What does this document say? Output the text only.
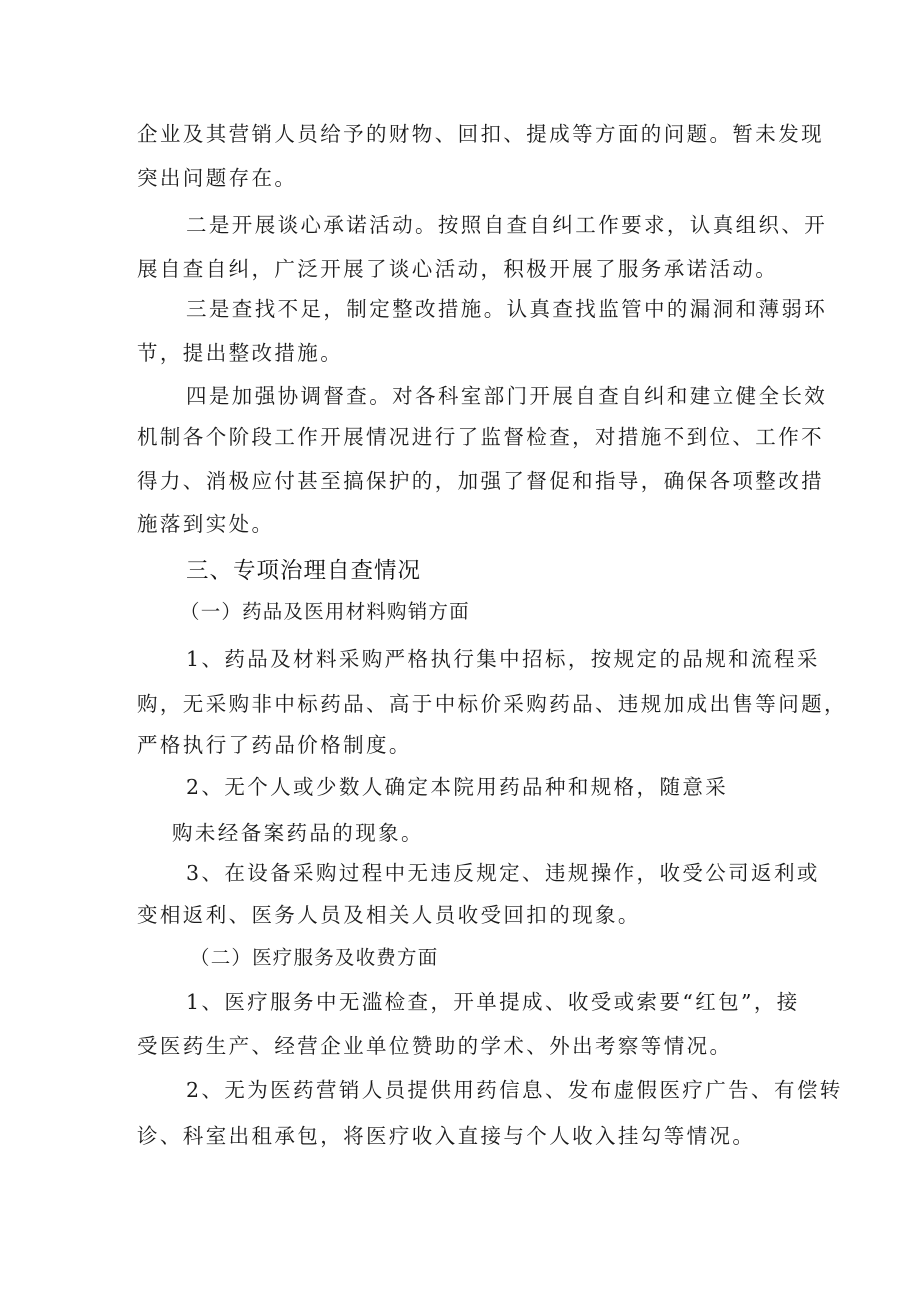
企业及其营销人员给予的财物、回扣、提成等方面的问题。暂未发现
突出问题存在。
二是开展谈心承诺活动。按照自查自纠工作要求，认真组织、开
展自查自纠，广泛开展了谈心活动，积极开展了服务承诺活动。
三是查找不足，制定整改措施。认真查找监管中的漏洞和薄弱环
节，提出整改措施。
四是加强协调督查。对各科室部门开展自查自纠和建立健全长效
机制各个阶段工作开展情况进行了监督检查，对措施不到位、工作不
得力、消极应付甚至搞保护的，加强了督促和指导，确保各项整改措
施落到实处。
三、专项治理自查情况
（一）药品及医用材料购销方面
1、药品及材料采购严格执行集中招标，按规定的品规和流程采
购，无采购非中标药品、高于中标价采购药品、违规加成出售等问题，
严格执行了药品价格制度。
2、无个人或少数人确定本院用药品种和规格，随意采
购未经备案药品的现象。
3、在设备采购过程中无违反规定、违规操作，收受公司返利或
变相返利、医务人员及相关人员收受回扣的现象。
（二）医疗服务及收费方面
1、医疗服务中无滥检查，开单提成、收受或索要“红包”，接
受医药生产、经营企业单位赞助的学术、外出考察等情况。
2、无为医药营销人员提供用药信息、发布虚假医疗广告、有偿转
诊、科室出租承包，将医疗收入直接与个人收入挂勾等情况。
